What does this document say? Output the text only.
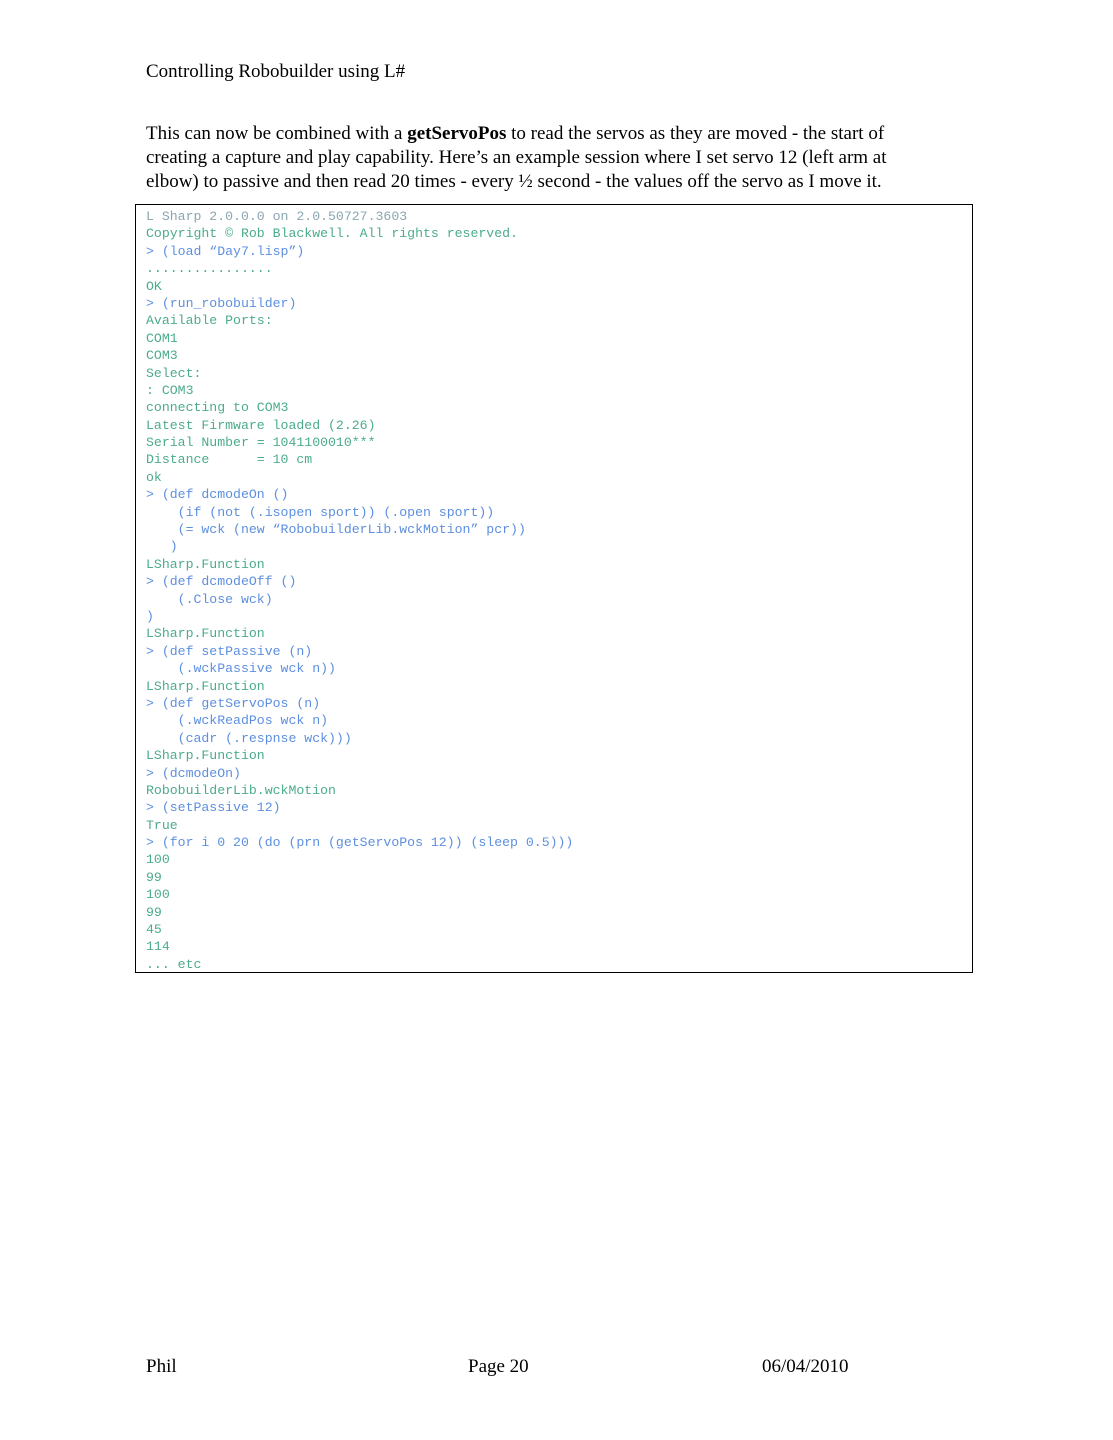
Controlling Robobuilder using L#
This can now be combined with a getServoPos to read the servos as they are moved - the start of
creating a capture and play capability. Here’s an example session where I set servo 12 (left arm at
elbow) to passive and then read 20 times - every ½ second - the values off the servo as I move it.
L Sharp 2.0.0.0 on 2.0.50727.3603
Copyright © Rob Blackwell. All rights reserved.
> (load “Day7.lisp”)
................
OK
> (run_robobuilder)
Available Ports:
COM1
COM3
Select:
: COM3
connecting to COM3
Latest Firmware loaded (2.26)
Serial Number = 1041100010***
Distance      = 10 cm
ok
> (def dcmodeOn ()
(if (not (.isopen sport)) (.open sport))
(= wck (new “RobobuilderLib.wckMotion” pcr))
)
LSharp.Function
> (def dcmodeOff ()
(.Close wck)
)
LSharp.Function
> (def setPassive (n)
(.wckPassive wck n))
LSharp.Function
> (def getServoPos (n)
(.wckReadPos wck n)
(cadr (.respnse wck)))
LSharp.Function
> (dcmodeOn)
RobobuilderLib.wckMotion
> (setPassive 12)
True
> (for i 0 20 (do (prn (getServoPos 12)) (sleep 0.5)))
100
99
100
99
45
114
... etc
Phil	Page 20	06/04/2010
